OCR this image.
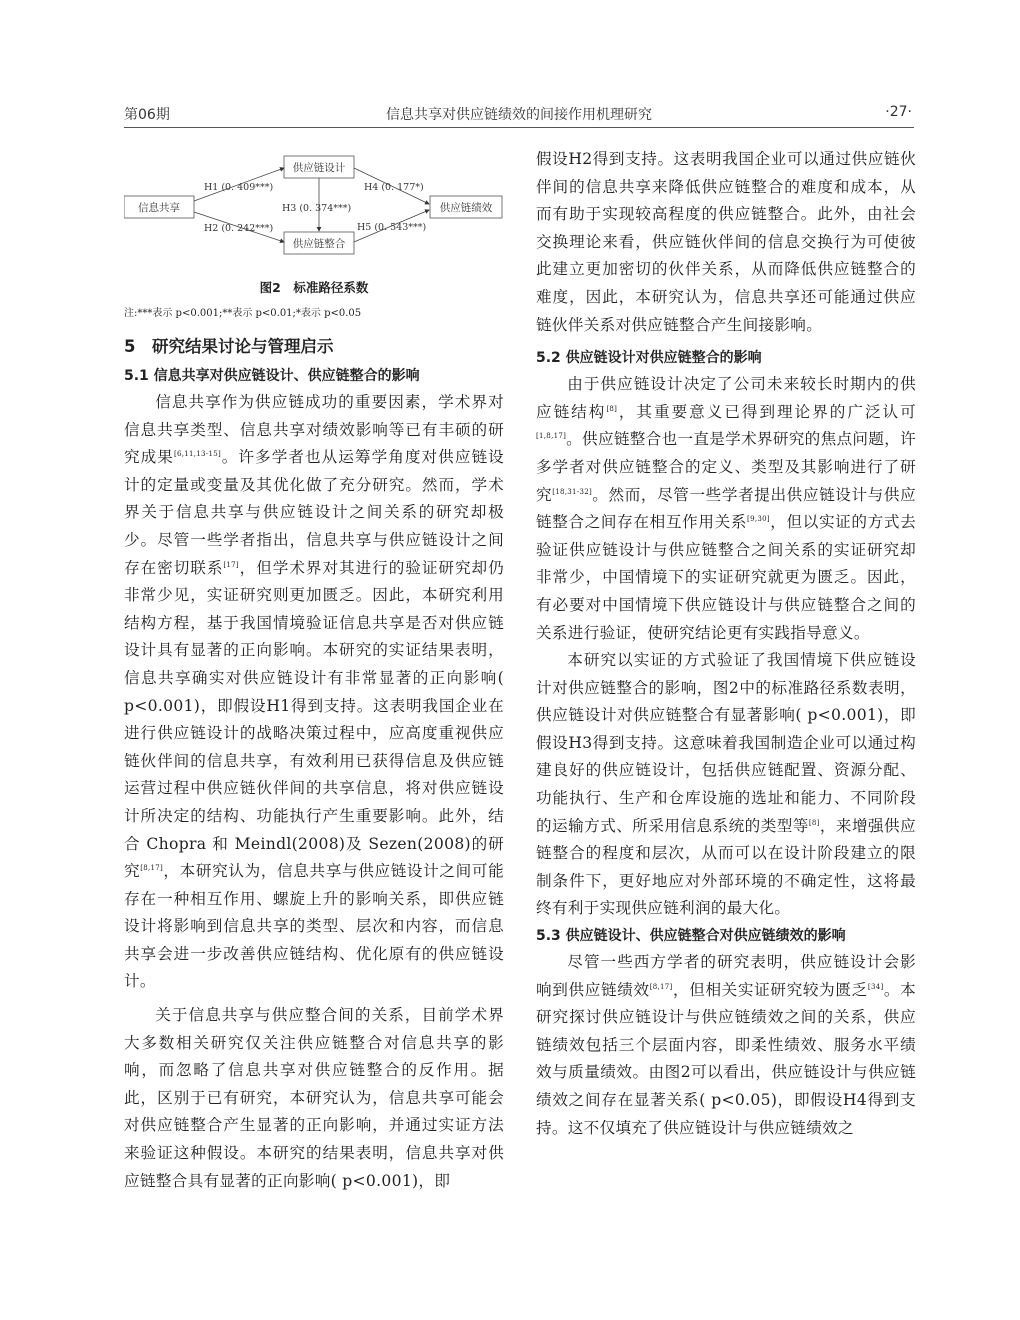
第06期	信息共享对供应链绩效的间接作用机理研究	·27·
信息共享
供应链设计
供应链整合
供应链绩效
H1 (0. 409***)
H2 (0. 242***)
H3 (0. 374***)
H4 (0. 177*)
H5 (0. 543***)
图2　标准路径系数
注:***表示 p<0.001;**表示 p<0.01;*表示 p<0.05
5　研究结果讨论与管理启示
5.1 信息共享对供应链设计、供应链整合的影响

信息共享作为供应链成功的重要因素，学术界对信息共享类型、信息共享对绩效影响等已有丰硕的研究成果[6,11,13-15]。许多学者也从运筹学角度对供应链设计的定量或变量及其优化做了充分研究。然而，学术界关于信息共享与供应链设计之间关系的研究却极少。尽管一些学者指出，信息共享与供应链设计之间存在密切联系[17]，但学术界对其进行的验证研究却仍非常少见，实证研究则更加匮乏。因此，本研究利用结构方程，基于我国情境验证信息共享是否对供应链设计具有显著的正向影响。本研究的实证结果表明，信息共享确实对供应链设计有非常显著的正向影响( p<0.001)，即假设H1得到支持。这表明我国企业在进行供应链设计的战略决策过程中，应高度重视供应链伙伴间的信息共享，有效利用已获得信息及供应链运营过程中供应链伙伴间的共享信息，将对供应链设计所决定的结构、功能执行产生重要影响。此外，结合 Chopra 和 Meindl(2008)及 Sezen(2008)的研究[8,17]，本研究认为，信息共享与供应链设计之间可能存在一种相互作用、螺旋上升的影响关系，即供应链设计将影响到信息共享的类型、层次和内容，而信息共享会进一步改善供应链结构、优化原有的供应链设计。

关于信息共享与供应整合间的关系，目前学术界大多数相关研究仅关注供应链整合对信息共享的影响，而忽略了信息共享对供应链整合的反作用。据此，区别于已有研究，本研究认为，信息共享可能会对供应链整合产生显著的正向影响，并通过实证方法来验证这种假设。本研究的结果表明，信息共享对供应链整合具有显著的正向影响( p<0.001)，即

假设H2得到支持。这表明我国企业可以通过供应链伙伴间的信息共享来降低供应链整合的难度和成本，从而有助于实现较高程度的供应链整合。此外，由社会交换理论来看，供应链伙伴间的信息交换行为可使彼此建立更加密切的伙伴关系，从而降低供应链整合的难度，因此，本研究认为，信息共享还可能通过供应链伙伴关系对供应链整合产生间接影响。

5.2 供应链设计对供应链整合的影响

由于供应链设计决定了公司未来较长时期内的供应链结构[8]，其重要意义已得到理论界的广泛认可[1,8,17]。供应链整合也一直是学术界研究的焦点问题，许多学者对供应链整合的定义、类型及其影响进行了研究[18,31-32]。然而，尽管一些学者提出供应链设计与供应链整合之间存在相互作用关系[9,30]，但以实证的方式去验证供应链设计与供应链整合之间关系的实证研究却非常少，中国情境下的实证研究就更为匮乏。因此，有必要对中国情境下供应链设计与供应链整合之间的关系进行验证，使研究结论更有实践指导意义。

本研究以实证的方式验证了我国情境下供应链设计对供应链整合的影响，图2中的标准路径系数表明，供应链设计对供应链整合有显著影响( p<0.001)，即假设H3得到支持。这意味着我国制造企业可以通过构建良好的供应链设计，包括供应链配置、资源分配、功能执行、生产和仓库设施的选址和能力、不同阶段的运输方式、所采用信息系统的类型等[8]，来增强供应链整合的程度和层次，从而可以在设计阶段建立的限制条件下，更好地应对外部环境的不确定性，这将最终有利于实现供应链利润的最大化。

5.3 供应链设计、供应链整合对供应链绩效的影响

尽管一些西方学者的研究表明，供应链设计会影响到供应链绩效[8,17]，但相关实证研究较为匮乏[34]。本研究探讨供应链设计与供应链绩效之间的关系，供应链绩效包括三个层面内容，即柔性绩效、服务水平绩效与质量绩效。由图2可以看出，供应链设计与供应链绩效之间存在显著关系( p<0.05)，即假设H4得到支持。这不仅填充了供应链设计与供应链绩效之
